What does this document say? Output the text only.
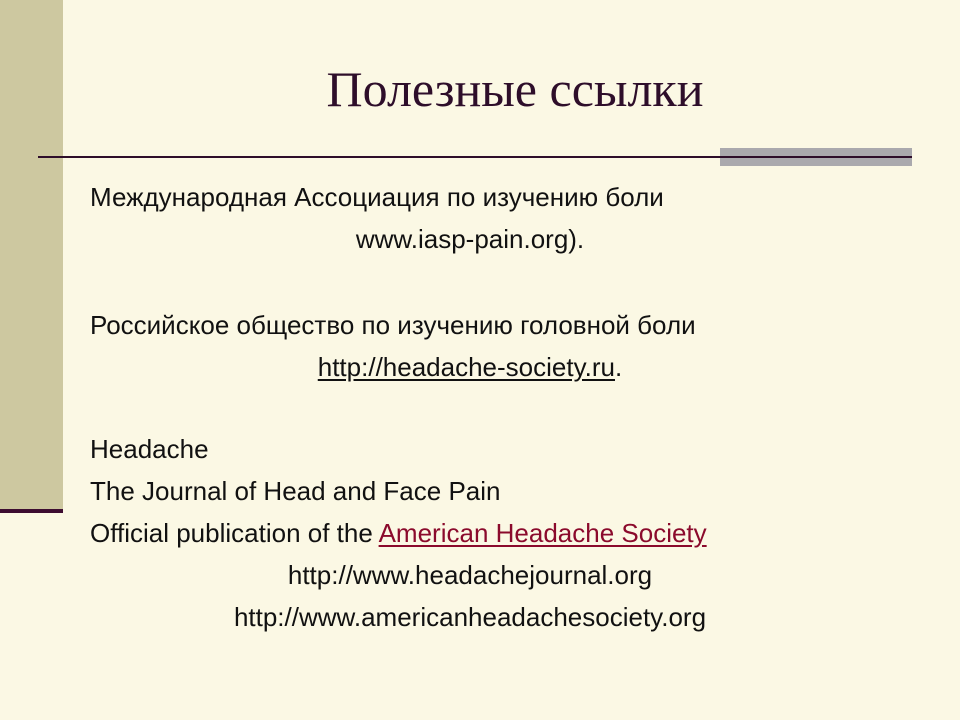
Полезные ссылки
Международная Ассоциация по изучению боли
www.iasp-pain.org).
Российское общество по изучению головной боли
http://headache-society.ru.
Headache
The Journal of Head and Face Pain
Official publication of the American Headache Society
http://www.headachejournal.org
http://www.americanheadachesociety.org
